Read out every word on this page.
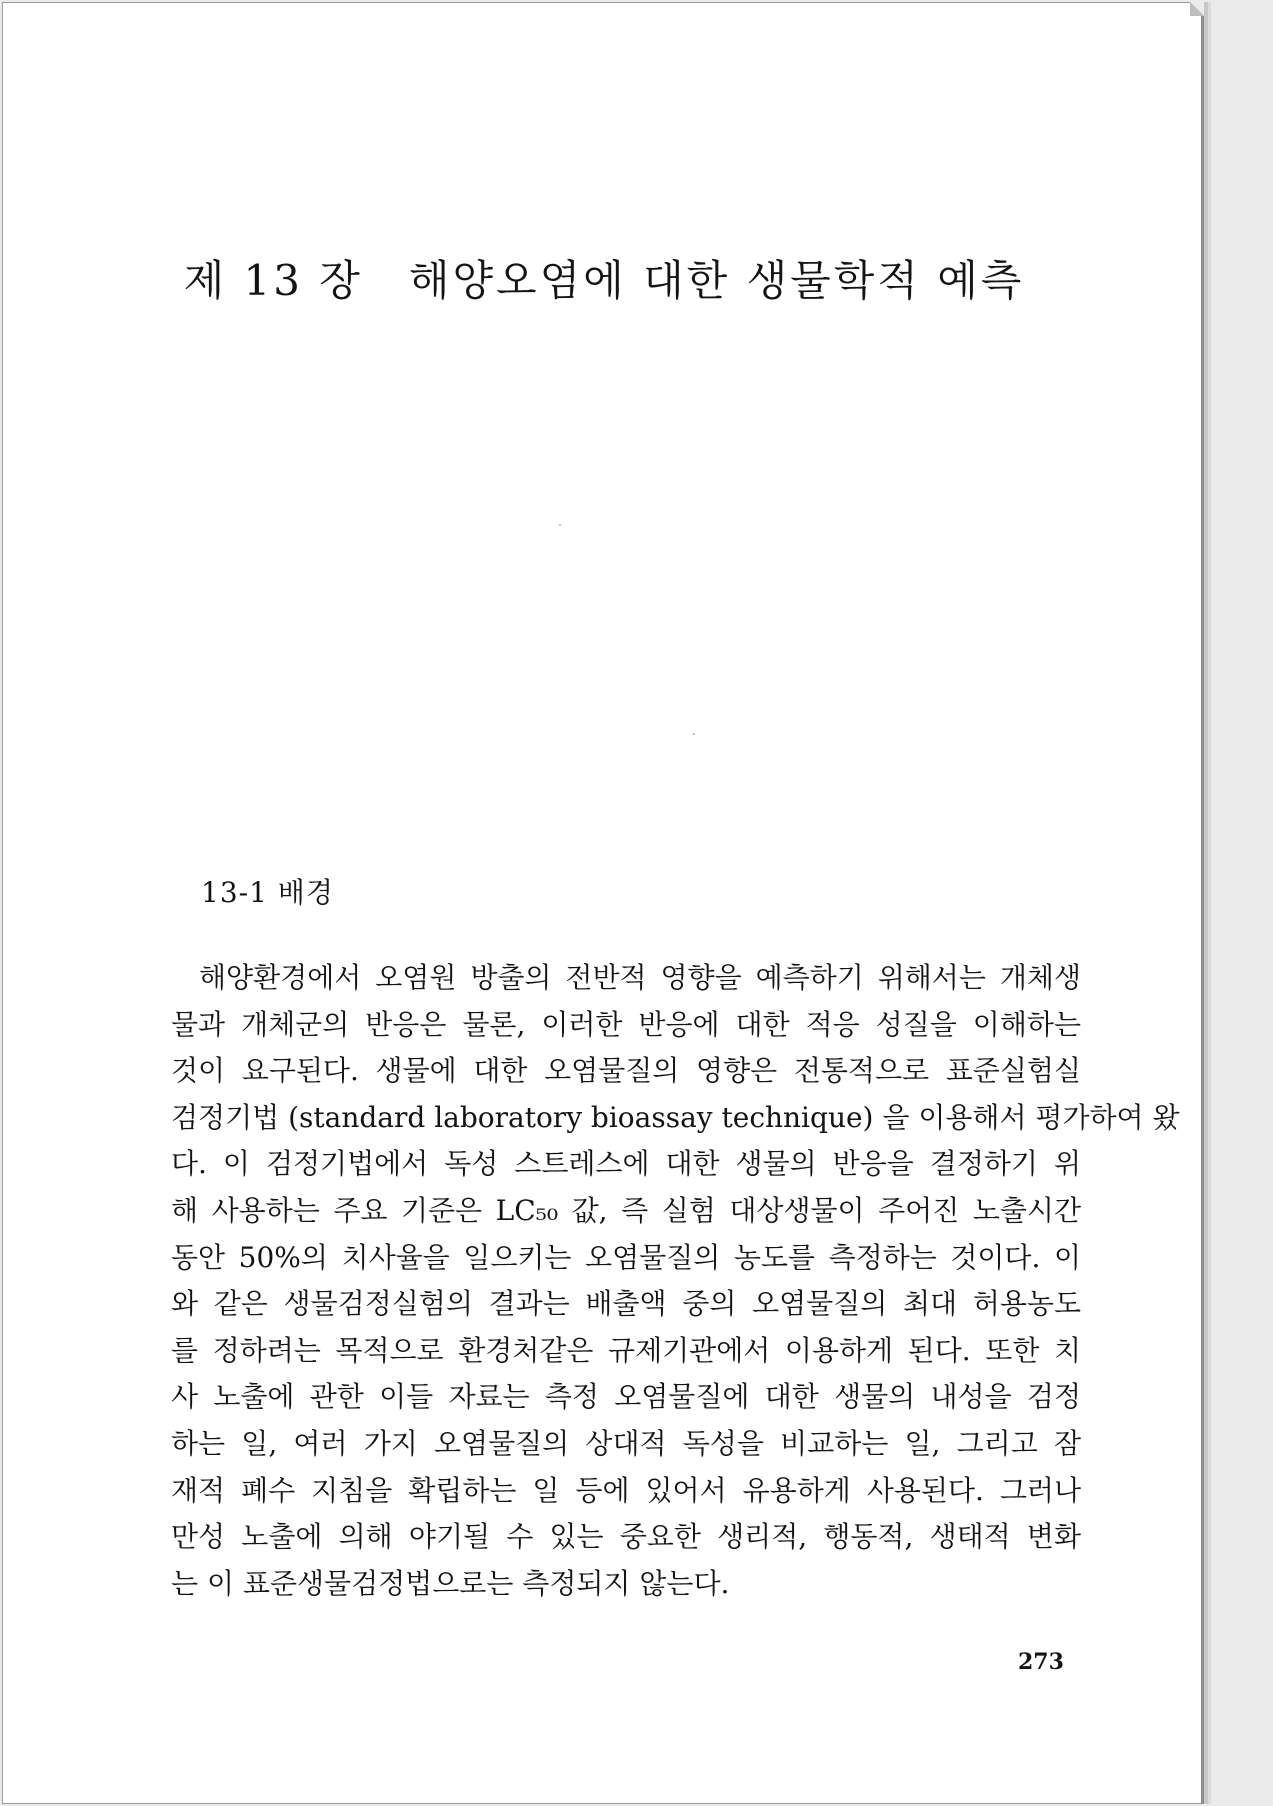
제 13 장 해양오염에 대한 생물학적 예측
13-1 배경
해양환경에서 오염원 방출의 전반적 영향을 예측하기 위해서는 개체생
물과 개체군의 반응은 물론, 이러한 반응에 대한 적응 성질을 이해하는
것이 요구된다. 생물에 대한 오염물질의 영향은 전통적으로 표준실험실
검정기법 (standard laboratory bioassay technique) 을 이용해서 평가하여 왔
다. 이 검정기법에서 독성 스트레스에 대한 생물의 반응을 결정하기 위
해 사용하는 주요 기준은 LC₅₀ 값, 즉 실험 대상생물이 주어진 노출시간
동안 50%의 치사율을 일으키는 오염물질의 농도를 측정하는 것이다. 이
와 같은 생물검정실험의 결과는 배출액 중의 오염물질의 최대 허용농도
를 정하려는 목적으로 환경처같은 규제기관에서 이용하게 된다. 또한 치
사 노출에 관한 이들 자료는 측정 오염물질에 대한 생물의 내성을 검정
하는 일, 여러 가지 오염물질의 상대적 독성을 비교하는 일, 그리고 잠
재적 폐수 지침을 확립하는 일 등에 있어서 유용하게 사용된다. 그러나
만성 노출에 의해 야기될 수 있는 중요한 생리적, 행동적, 생태적 변화
는 이 표준생물검정법으로는 측정되지 않는다.
273
